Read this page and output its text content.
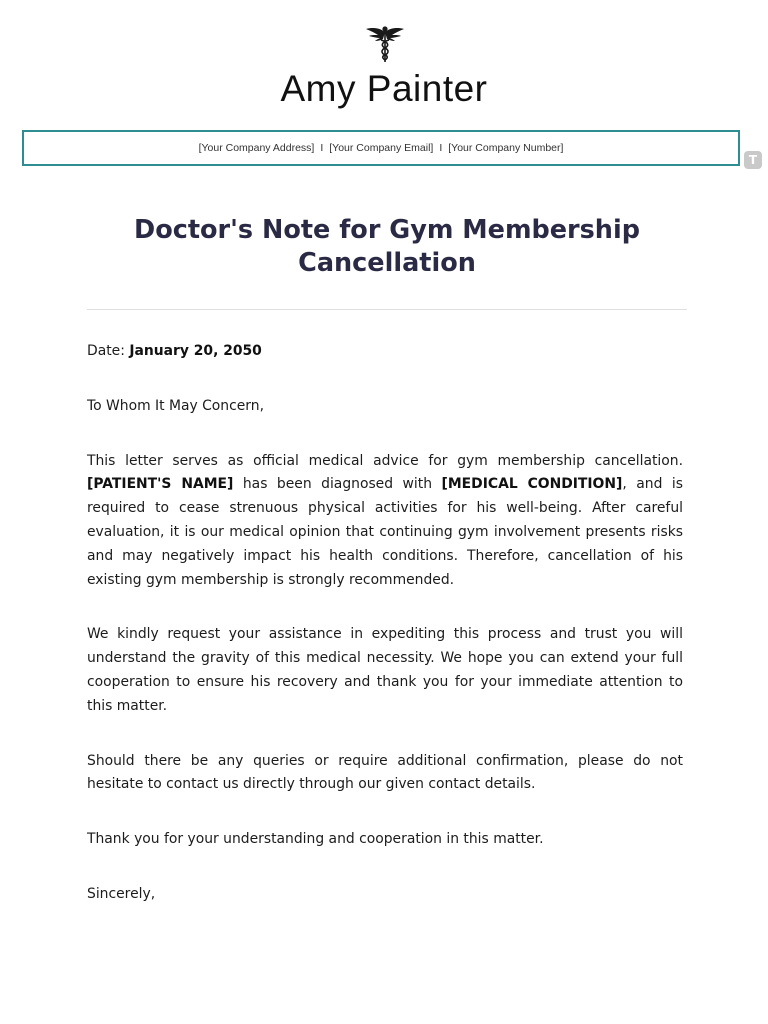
Amy Painter
[Your Company Address] I [Your Company Email] I [Your Company Number]
T
Doctor's Note for Gym Membership Cancellation

Date: January 20, 2050

To Whom It May Concern,

This letter serves as official medical advice for gym membership cancellation. [PATIENT'S NAME] has been diagnosed with [MEDICAL CONDITION], and is required to cease strenuous physical activities for his well-being. After careful evaluation, it is our medical opinion that continuing gym involvement presents risks and may negatively impact his health conditions. Therefore, cancellation of his existing gym membership is strongly recommended.

We kindly request your assistance in expediting this process and trust you will understand the gravity of this medical necessity. We hope you can extend your full cooperation to ensure his recovery and thank you for your immediate attention to this matter.

Should there be any queries or require additional confirmation, please do not hesitate to contact us directly through our given contact details.

Thank you for your understanding and cooperation in this matter.

Sincerely,
